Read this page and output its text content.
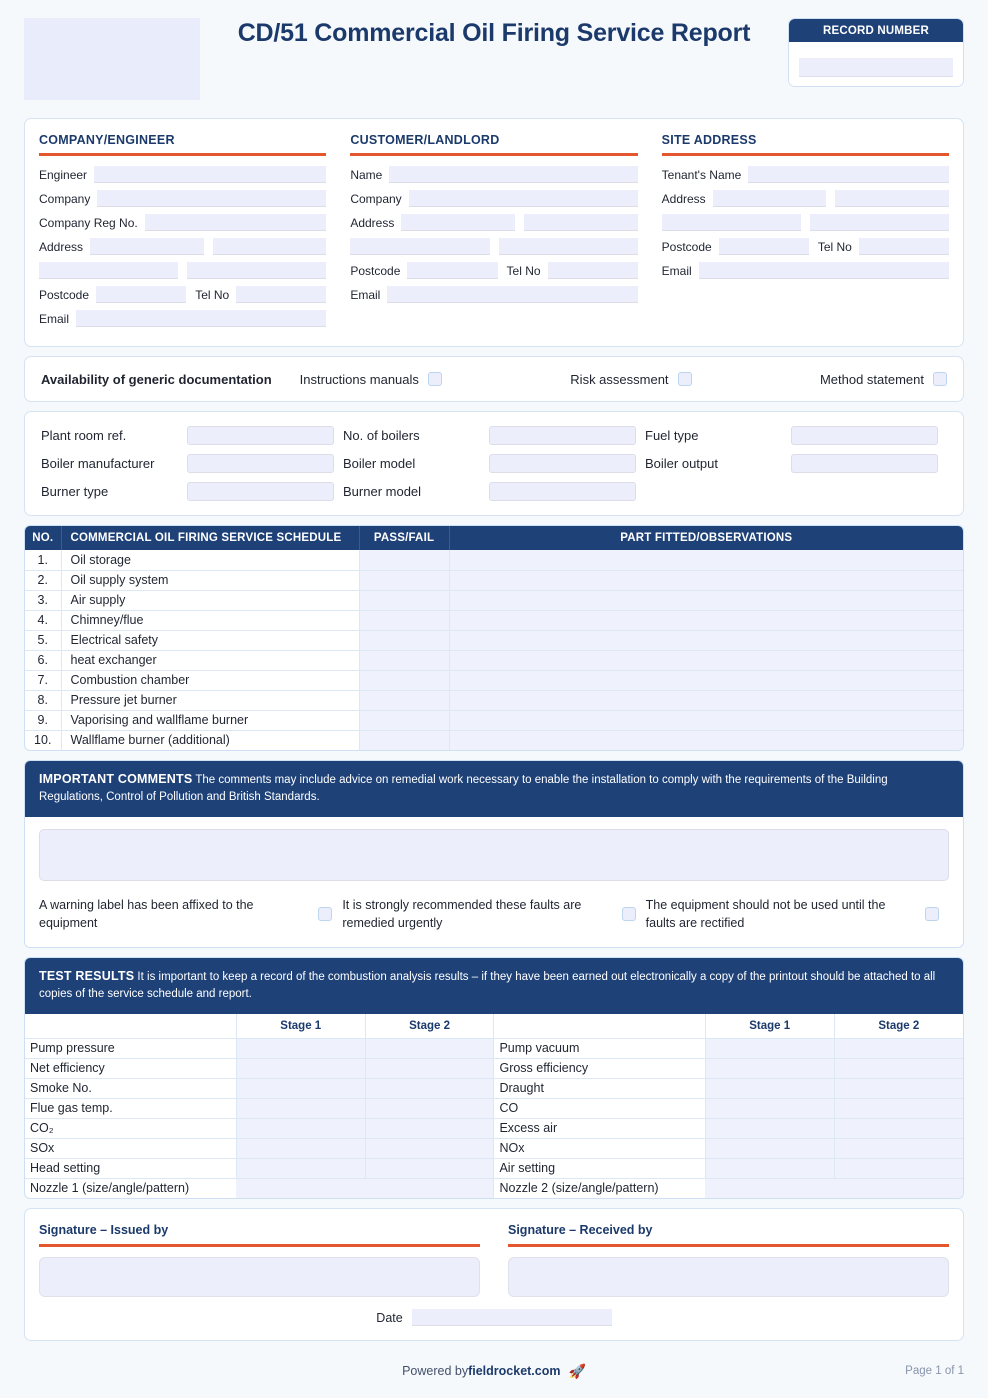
CD/51 Commercial Oil Firing Service Report	RECORD NUMBER
COMPANY/ENGINEER
Engineer
Company
Company Reg No.
Address
Postcode	Tel No
Email
CUSTOMER/LANDLORD
Name
Company
Address
Postcode	Tel No
Email
SITE ADDRESS
Tenant's Name
Address
Postcode	Tel No
Email
Availability of generic documentation Instructions manuals	Risk assessment	Method statement
Plant room ref.	No. of boilers	Fuel type
Boiler manufacturer	Boiler model	Boiler output
Burner type	Burner model
NO.	COMMERCIAL OIL FIRING SERVICE SCHEDULE	PASS/FAIL	PART FITTED/OBSERVATIONS
1.	Oil storage		
2.	Oil supply system		
3.	Air supply		
4.	Chimney/flue		
5.	Electrical safety		
6.	heat exchanger		
7.	Combustion chamber		
8.	Pressure jet burner		
9.	Vaporising and wallflame burner		
10.	Wallflame burner (additional)		
IMPORTANT COMMENTS The comments may include advice on remedial work necessary to enable the installation to comply with the requirements of the Building Regulations, Control of Pollution and British Standards.
A warning label has been affixed to the equipment
It is strongly recommended these faults are remedied urgently
The equipment should not be used until the faults are rectified
TEST RESULTS It is important to keep a record of the combustion analysis results – if they have been earned out electronically a copy of the printout should be attached to all copies of the service schedule and report.
	Stage 1	Stage 2		Stage 1	Stage 2
Pump pressure			Pump vacuum		
Net efficiency			Gross efficiency		
Smoke No.			Draught		
Flue gas temp.			CO		
CO₂			Excess air		
SOx			NOx		
Head setting			Air setting		
Nozzle 1 (size/angle/pattern)			Nozzle 2 (size/angle/pattern)		
Signature – Issued by	Signature – Received by
Date
Powered by fieldrocket.com 🚀	Page 1 of 1
